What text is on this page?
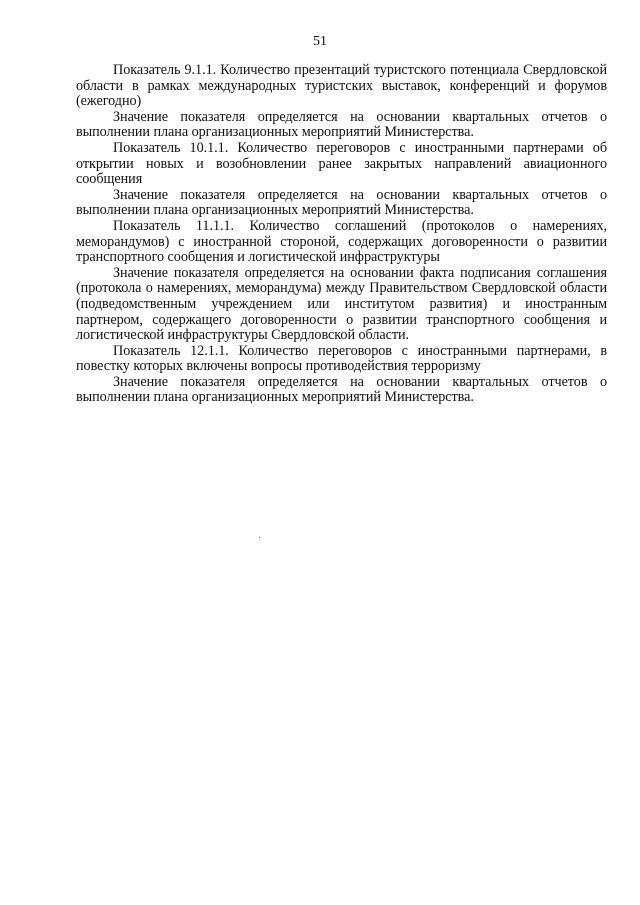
51

Показатель 9.1.1. Количество презентаций туристского потенциала Свердловской области в рамках международных туристских выставок, конференций и форумов (ежегодно)

Значение показателя определяется на основании квартальных отчетов о выполнении плана организационных мероприятий Министерства.

Показатель 10.1.1. Количество переговоров с иностранными партнерами об открытии новых и возобновлении ранее закрытых направлений авиационного сообщения

Значение показателя определяется на основании квартальных отчетов о выполнении плана организационных мероприятий Министерства.

Показатель 11.1.1. Количество соглашений (протоколов о намерениях, меморандумов) с иностранной стороной, содержащих договоренности о развитии транспортного сообщения и логистической инфраструктуры

Значение показателя определяется на основании факта подписания соглашения (протокола о намерениях, меморандума) между Правительством Свердловской области (подведомственным учреждением или институтом развития) и иностранным партнером, содержащего договоренности о развитии транспортного сообщения и логистической инфраструктуры Свердловской области.

Показатель 12.1.1. Количество переговоров с иностранными партнерами, в повестку которых включены вопросы противодействия терроризму

Значение показателя определяется на основании квартальных отчетов о выполнении плана организационных мероприятий Министерства.
